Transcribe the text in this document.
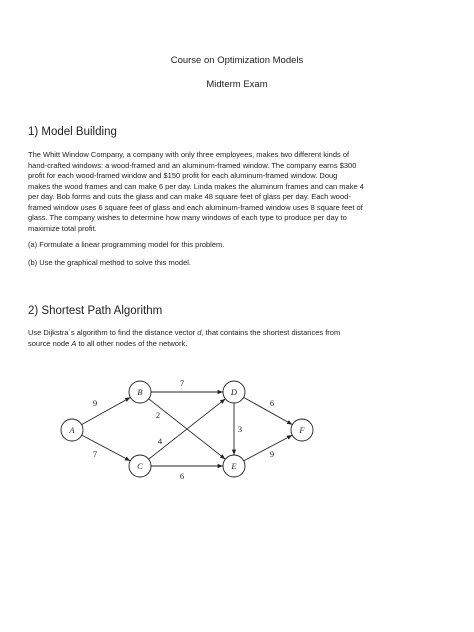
Course on Optimization Models
Midterm Exam
1) Model Building
The Whitt Window Company, a company with only three employees, makes two different kinds of
hand-crafted windows: a wood-framed and an aluminum-framed window. The company earns $300
profit for each wood-framed window and $150 profit for each aluminum-framed window. Doug
makes the wood frames and can make 6 per day. Linda makes the aluminum frames and can make 4
per day. Bob forms and cuts the glass and can make 48 square feet of glass per day. Each wood-
framed window uses 6 square feet of glass and each aluminum-framed window uses 8 square feet of
glass. The company wishes to determine how many windows of each type to produce per day to
maximize total profit.
(a) Formulate a linear programming model for this problem.
(b) Use the graphical method to solve this model.
2) Shortest Path Algorithm
Use Dijkstra`s algorithm to find the distance vector d, that contains the shortest distances from
source node A to all other nodes of the network.
9
7
7
2
4
6
3
6
9
A
B
C
D
E
F
